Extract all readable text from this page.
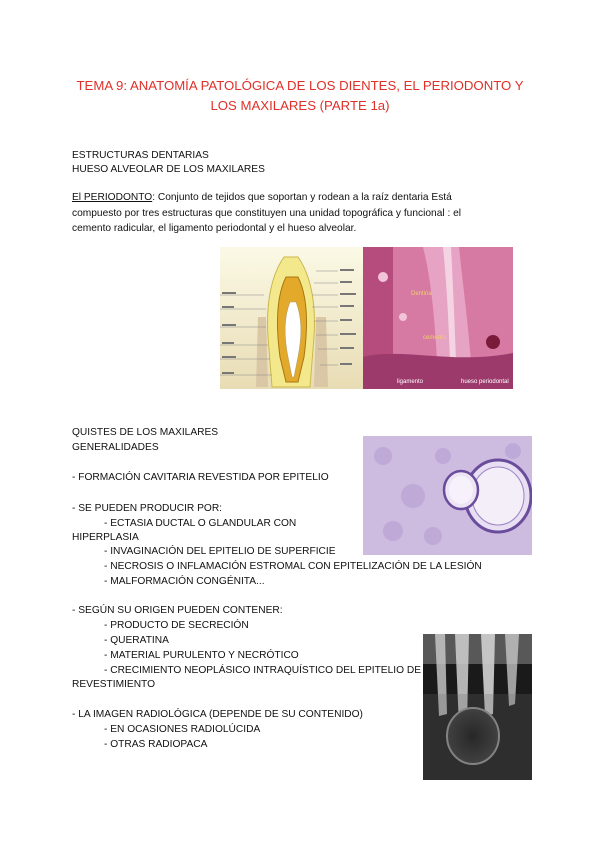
TEMA 9: ANATOMÍA PATOLÓGICA DE LOS DIENTES, EL PERIODONTO Y
LOS MAXILARES (PARTE 1a)
ESTRUCTURAS DENTARIAS
HUESO ALVEOLAR DE LOS MAXILARES
El PERIODONTO: Conjunto de tejidos que soportan y rodean a la raíz dentaria Está
compuesto por tres estructuras que constituyen una unidad topográfica y funcional : el
cemento radicular, el ligamento periodontal y el hueso alveolar.
Dentina
cemento
ligamento	hueso periodontal
QUISTES DE LOS MAXILARES
GENERALIDADES
- FORMACIÓN CAVITARIA REVESTIDA POR EPITELIO
- SE PUEDEN PRODUCIR POR:
- ECTASIA DUCTAL O GLANDULAR CON
HIPERPLASIA
- INVAGINACIÓN DEL EPITELIO DE SUPERFICIE
- NECROSIS O INFLAMACIÓN ESTROMAL CON EPITELIZACIÓN DE LA LESIÓN
- MALFORMACIÓN CONGÉNITA...
- SEGÚN SU ORIGEN PUEDEN CONTENER:
- PRODUCTO DE SECRECIÓN
- QUERATINA
- MATERIAL PURULENTO Y NECRÓTICO
- CRECIMIENTO NEOPLÁSICO INTRAQUÍSTICO DEL EPITELIO DE
REVESTIMIENTO
- LA IMAGEN RADIOLÓGICA (DEPENDE DE SU CONTENIDO)
- EN OCASIONES RADIOLÚCIDA
- OTRAS RADIOPACA
